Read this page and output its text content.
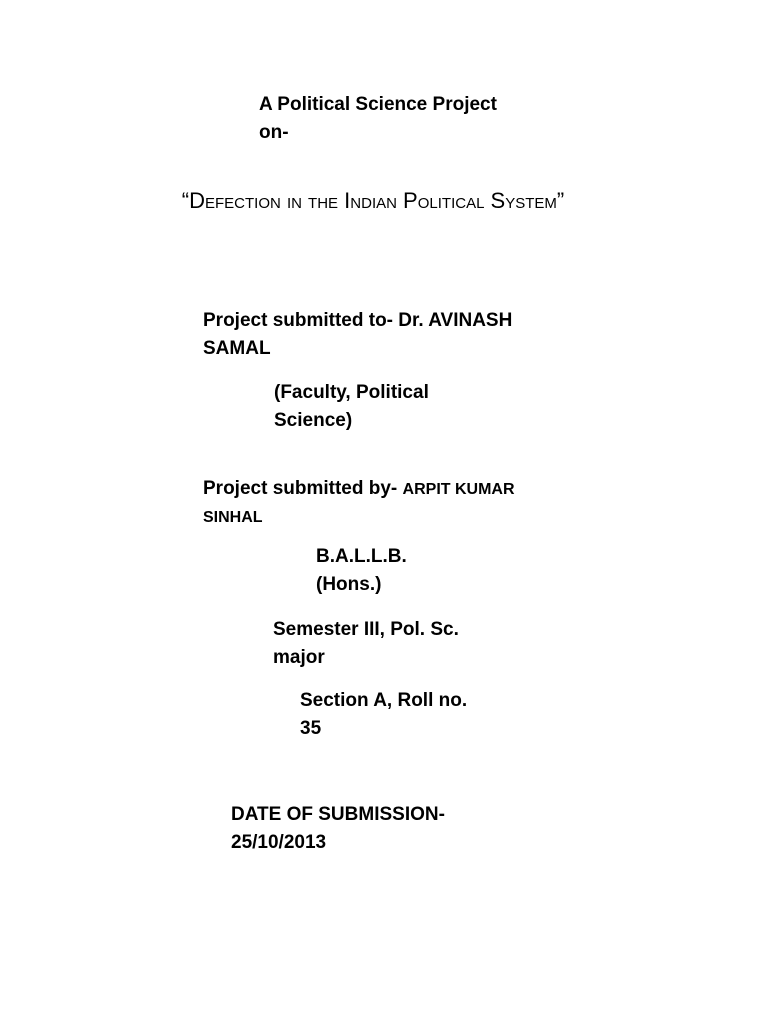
A Political Science Project
on-
“Defection in the Indian Political System”
Project submitted to- Dr. AVINASH
SAMAL
(Faculty, Political
Science)
Project submitted by- ARPIT KUMAR
SINHAL
B.A.L.L.B.
(Hons.)
Semester III, Pol. Sc.
major
Section A, Roll no.
35
DATE OF SUBMISSION-
25/10/2013
